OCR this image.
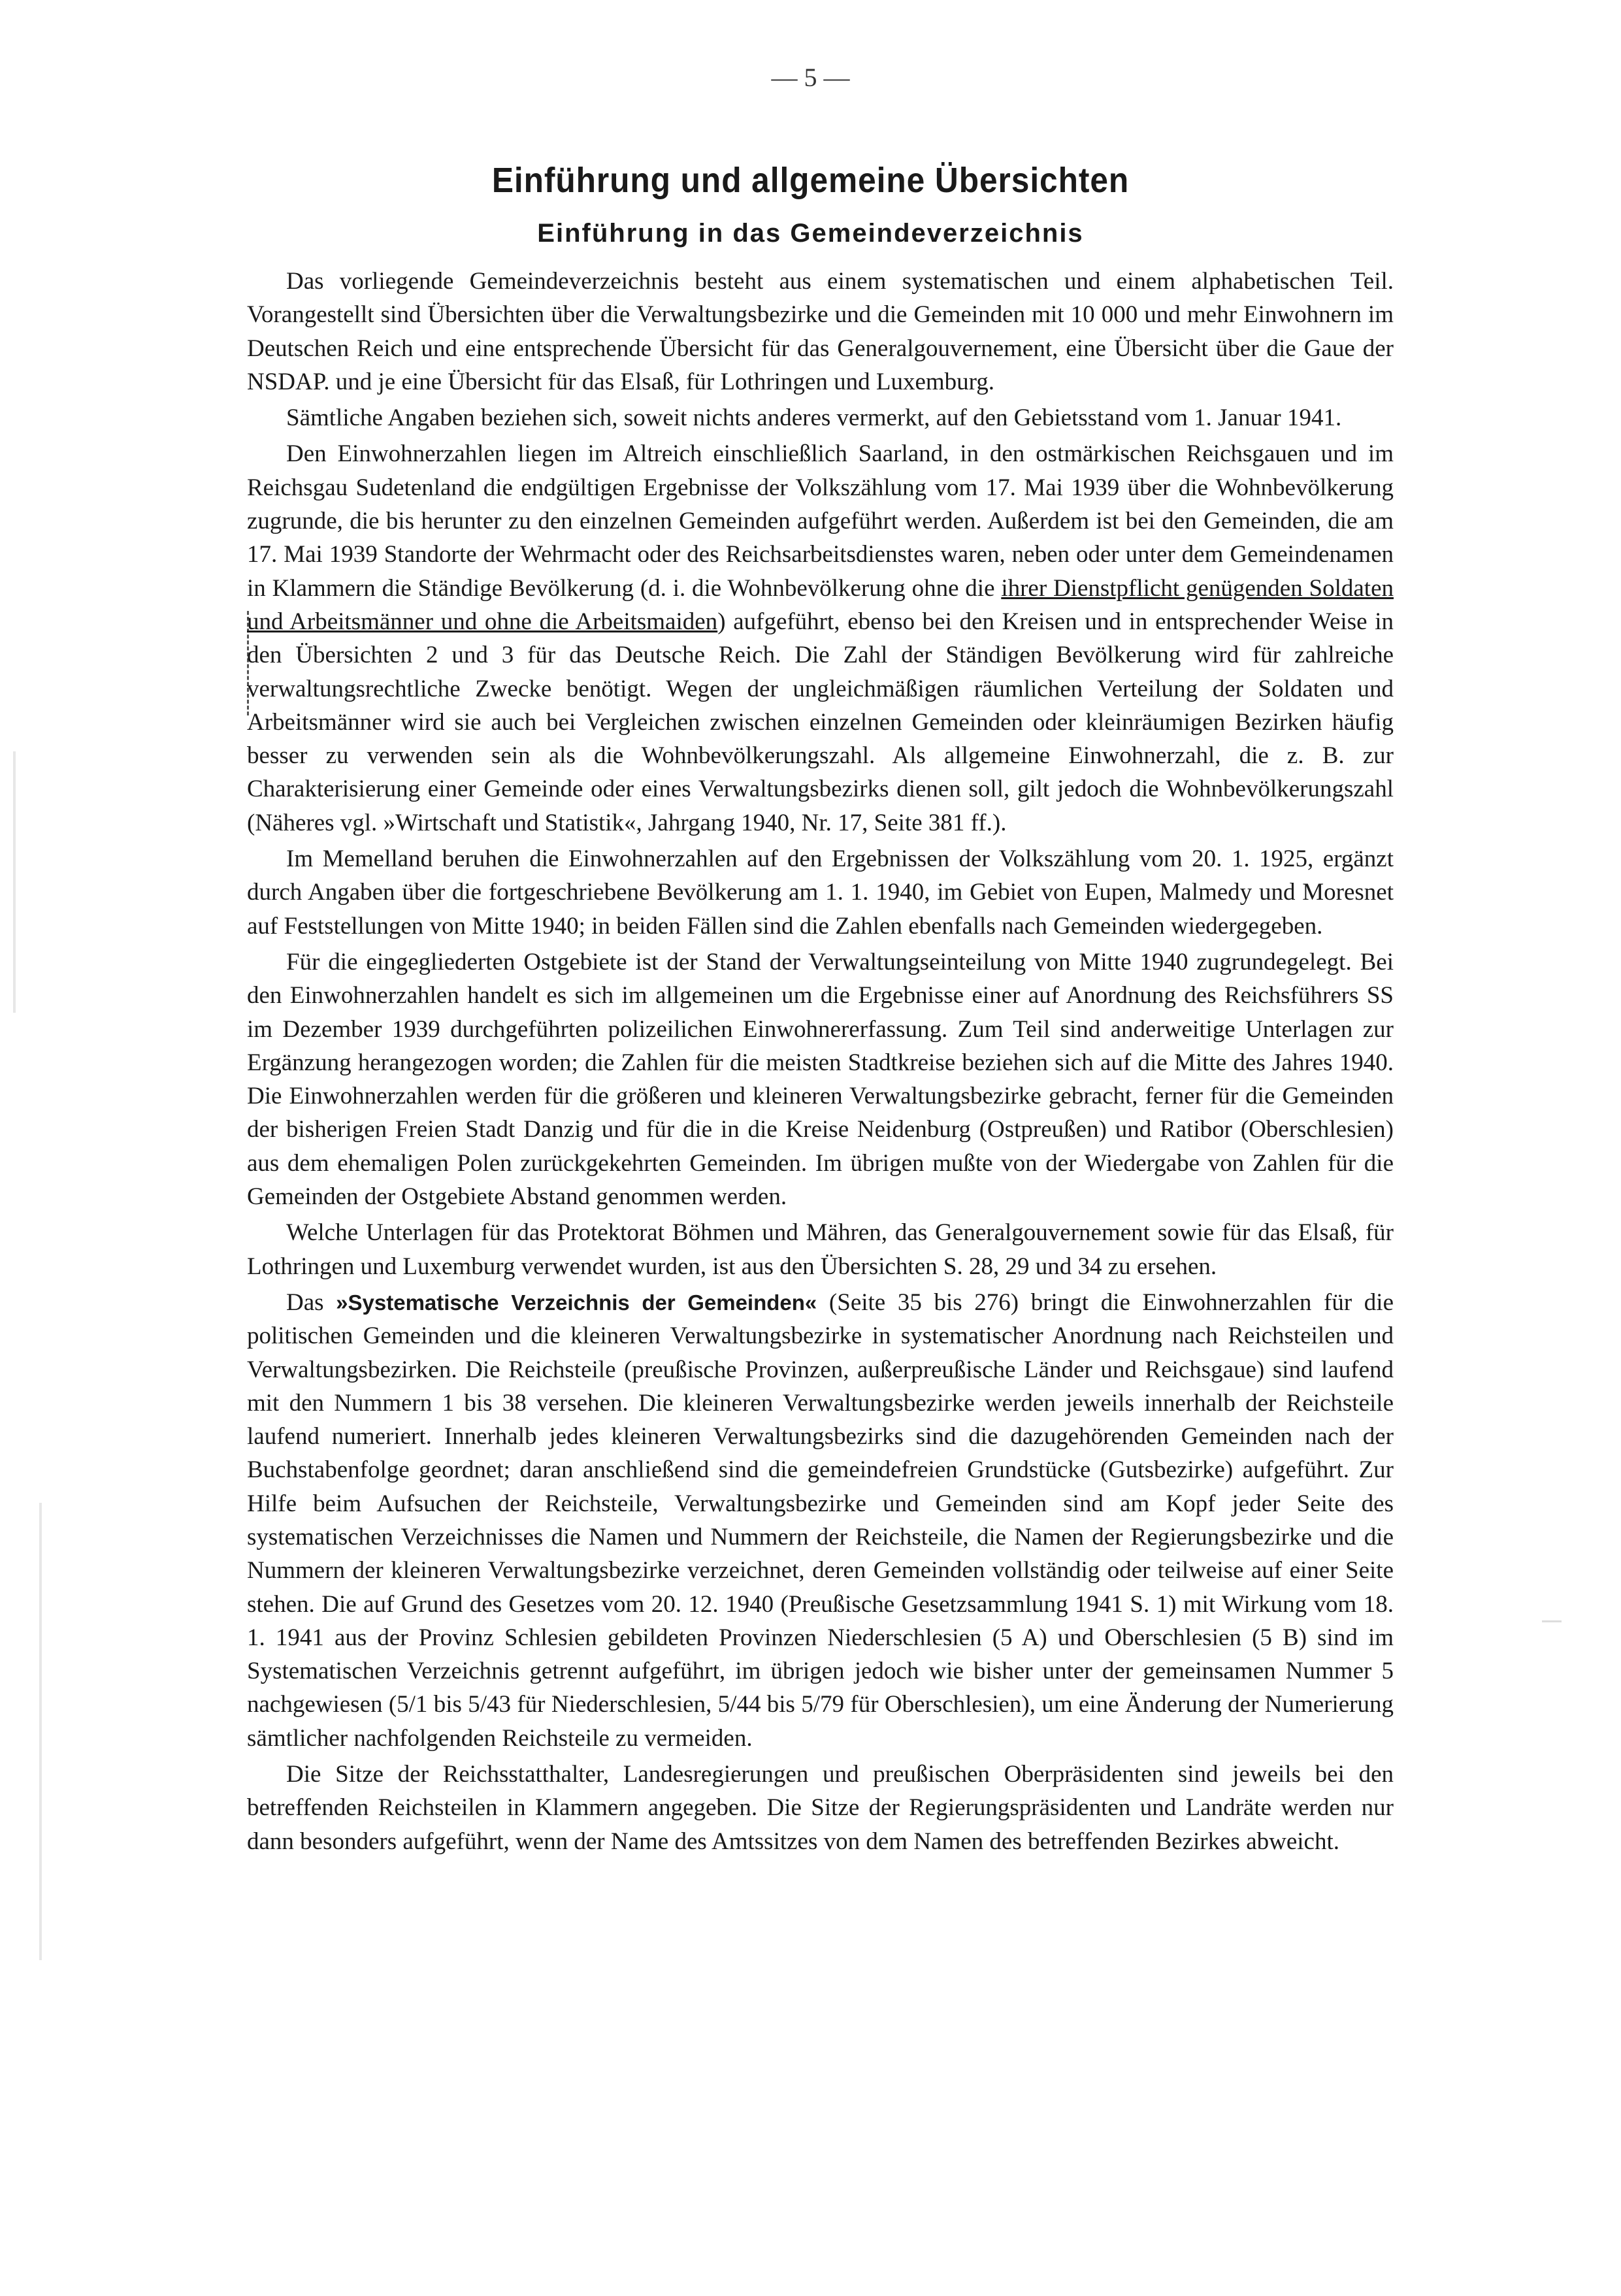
— 5 —
Einführung und allgemeine Übersichten
Einführung in das Gemeindeverzeichnis

Das vorliegende Gemeindeverzeichnis besteht aus einem systematischen und einem alphabetischen Teil. Vorangestellt sind Übersichten über die Verwaltungsbezirke und die Gemeinden mit 10 000 und mehr Einwohnern im Deutschen Reich und eine entsprechende Übersicht für das Generalgouvernement, eine Übersicht über die Gaue der NSDAP. und je eine Übersicht für das Elsaß, für Lothringen und Luxemburg.

Sämtliche Angaben beziehen sich, soweit nichts anderes vermerkt, auf den Gebietsstand vom 1. Januar 1941.

Den Einwohnerzahlen liegen im Altreich einschließlich Saarland, in den ostmärkischen Reichsgauen und im Reichsgau Sudetenland die endgültigen Ergebnisse der Volkszählung vom 17. Mai 1939 über die Wohnbevölkerung zugrunde, die bis herunter zu den einzelnen Gemeinden aufgeführt werden. Außerdem ist bei den Gemeinden, die am 17. Mai 1939 Standorte der Wehrmacht oder des Reichsarbeitsdienstes waren, neben oder unter dem Gemeindenamen in Klammern die Ständige Bevölkerung (d. i. die Wohnbevölkerung ohne die ihrer Dienstpflicht genügenden Soldaten und Arbeitsmänner und ohne die Arbeitsmaiden) aufgeführt, ebenso bei den Kreisen und in entsprechender Weise in den Übersichten 2 und 3 für das Deutsche Reich. Die Zahl der Ständigen Bevölkerung wird für zahlreiche verwaltungsrechtliche Zwecke benötigt. Wegen der ungleichmäßigen räumlichen Verteilung der Soldaten und Arbeitsmänner wird sie auch bei Vergleichen zwischen einzelnen Gemeinden oder kleinräumigen Bezirken häufig besser zu verwenden sein als die Wohnbevölkerungszahl. Als allgemeine Einwohnerzahl, die z. B. zur Charakterisierung einer Gemeinde oder eines Verwaltungsbezirks dienen soll, gilt jedoch die Wohnbevölkerungszahl (Näheres vgl. »Wirtschaft und Statistik«, Jahrgang 1940, Nr. 17, Seite 381 ff.).

Im Memelland beruhen die Einwohnerzahlen auf den Ergebnissen der Volkszählung vom 20. 1. 1925, ergänzt durch Angaben über die fortgeschriebene Bevölkerung am 1. 1. 1940, im Gebiet von Eupen, Malmedy und Moresnet auf Feststellungen von Mitte 1940; in beiden Fällen sind die Zahlen ebenfalls nach Gemeinden wiedergegeben.

Für die eingegliederten Ostgebiete ist der Stand der Verwaltungseinteilung von Mitte 1940 zugrundegelegt. Bei den Einwohnerzahlen handelt es sich im allgemeinen um die Ergebnisse einer auf Anordnung des Reichsführers SS im Dezember 1939 durchgeführten polizeilichen Einwohnererfassung. Zum Teil sind anderweitige Unterlagen zur Ergänzung herangezogen worden; die Zahlen für die meisten Stadtkreise beziehen sich auf die Mitte des Jahres 1940. Die Einwohnerzahlen werden für die größeren und kleineren Verwaltungsbezirke gebracht, ferner für die Gemeinden der bisherigen Freien Stadt Danzig und für die in die Kreise Neidenburg (Ostpreußen) und Ratibor (Oberschlesien) aus dem ehemaligen Polen zurückgekehrten Gemeinden. Im übrigen mußte von der Wiedergabe von Zahlen für die Gemeinden der Ostgebiete Abstand genommen werden.

Welche Unterlagen für das Protektorat Böhmen und Mähren, das Generalgouvernement sowie für das Elsaß, für Lothringen und Luxemburg verwendet wurden, ist aus den Übersichten S. 28, 29 und 34 zu ersehen.

Das »Systematische Verzeichnis der Gemeinden« (Seite 35 bis 276) bringt die Einwohnerzahlen für die politischen Gemeinden und die kleineren Verwaltungsbezirke in systematischer Anordnung nach Reichsteilen und Verwaltungsbezirken. Die Reichsteile (preußische Provinzen, außerpreußische Länder und Reichsgaue) sind laufend mit den Nummern 1 bis 38 versehen. Die kleineren Verwaltungsbezirke werden jeweils innerhalb der Reichsteile laufend numeriert. Innerhalb jedes kleineren Verwaltungsbezirks sind die dazugehörenden Gemeinden nach der Buchstabenfolge geordnet; daran anschließend sind die gemeindefreien Grundstücke (Gutsbezirke) aufgeführt. Zur Hilfe beim Aufsuchen der Reichsteile, Verwaltungsbezirke und Gemeinden sind am Kopf jeder Seite des systematischen Verzeichnisses die Namen und Nummern der Reichsteile, die Namen der Regierungsbezirke und die Nummern der kleineren Verwaltungsbezirke verzeichnet, deren Gemeinden vollständig oder teilweise auf einer Seite stehen. Die auf Grund des Gesetzes vom 20. 12. 1940 (Preußische Gesetzsammlung 1941 S. 1) mit Wirkung vom 18. 1. 1941 aus der Provinz Schlesien gebildeten Provinzen Niederschlesien (5 A) und Oberschlesien (5 B) sind im Systematischen Verzeichnis getrennt aufgeführt, im übrigen jedoch wie bisher unter der gemeinsamen Nummer 5 nachgewiesen (5/1 bis 5/43 für Niederschlesien, 5/44 bis 5/79 für Oberschlesien), um eine Änderung der Numerierung sämtlicher nachfolgenden Reichsteile zu vermeiden.

Die Sitze der Reichsstatthalter, Landesregierungen und preußischen Oberpräsidenten sind jeweils bei den betreffenden Reichsteilen in Klammern angegeben. Die Sitze der Regierungspräsidenten und Landräte werden nur dann besonders aufgeführt, wenn der Name des Amtssitzes von dem Namen des betreffenden Bezirkes abweicht.
